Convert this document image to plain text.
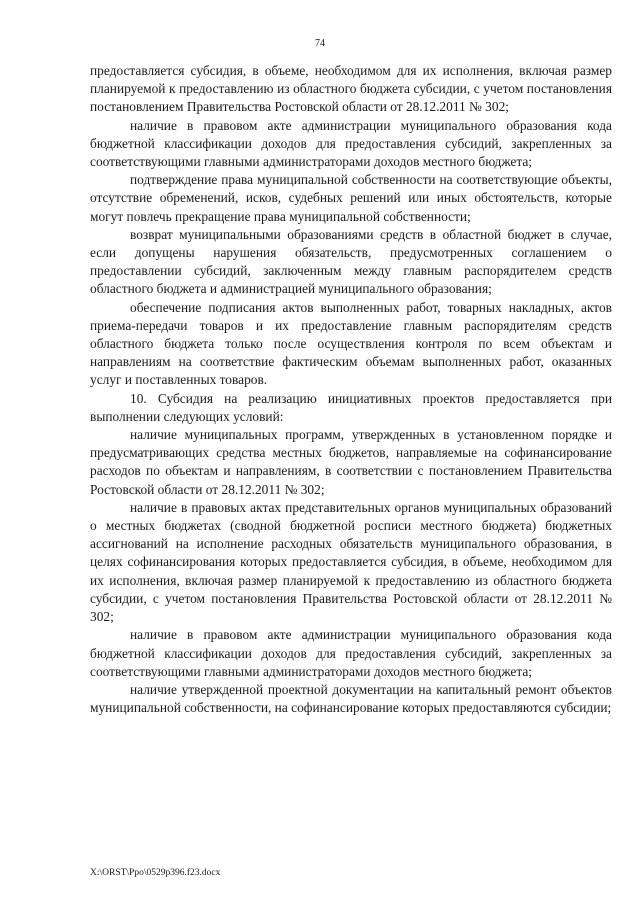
74

предоставляется субсидия, в объеме, необходимом для их исполнения, включая размер планируемой к предоставлению из областного бюджета субсидии, с учетом постановления постановлением Правительства Ростовской области от 28.12.2011 № 302;

наличие в правовом акте администрации муниципального образования кода бюджетной классификации доходов для предоставления субсидий, закрепленных за соответствующими главными администраторами доходов местного бюджета;

подтверждение права муниципальной собственности на соответствующие объекты, отсутствие обременений, исков, судебных решений или иных обстоятельств, которые могут повлечь прекращение права муниципальной собственности;

возврат муниципальными образованиями средств в областной бюджет в случае, если допущены нарушения обязательств, предусмотренных соглашением о предоставлении субсидий, заключенным между главным распорядителем средств областного бюджета и администрацией муниципального образования;

обеспечение подписания актов выполненных работ, товарных накладных, актов приема-передачи товаров и их предоставление главным распорядителям средств областного бюджета только после осуществления контроля по всем объектам и направлениям на соответствие фактическим объемам выполненных работ, оказанных услуг и поставленных товаров.

10. Субсидия на реализацию инициативных проектов предоставляется при выполнении следующих условий:

наличие муниципальных программ, утвержденных в установленном порядке и предусматривающих средства местных бюджетов, направляемые на софинансирование расходов по объектам и направлениям, в соответствии с постановлением Правительства Ростовской области от 28.12.2011 № 302;

наличие в правовых актах представительных органов муниципальных образований о местных бюджетах (сводной бюджетной росписи местного бюджета) бюджетных ассигнований на исполнение расходных обязательств муниципального образования, в целях софинансирования которых предоставляется субсидия, в объеме, необходимом для их исполнения, включая размер планируемой к предоставлению из областного бюджета субсидии, с учетом постановления Правительства Ростовской области от 28.12.2011 № 302;

наличие в правовом акте администрации муниципального образования кода бюджетной классификации доходов для предоставления субсидий, закрепленных за соответствующими главными администраторами доходов местного бюджета;

наличие утвержденной проектной документации на капитальный ремонт объектов муниципальной собственности, на софинансирование которых предоставляются субсидии;

X:\ORST\Ppo\0529p396.f23.docx
